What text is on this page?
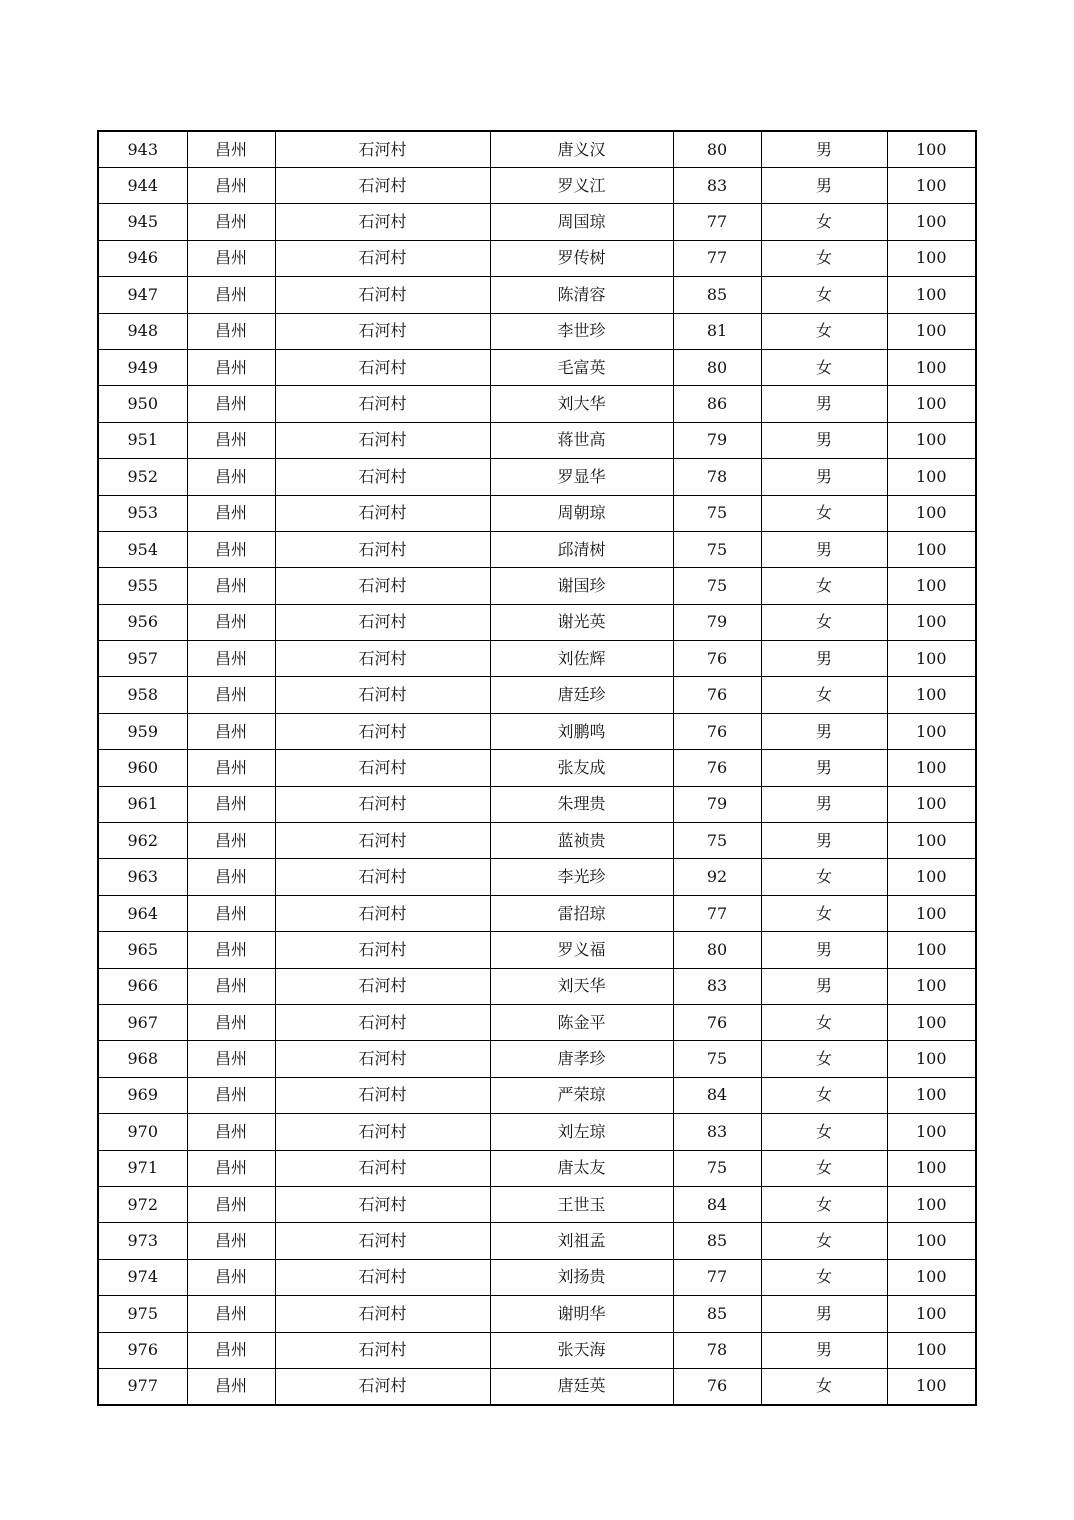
943	昌州	石河村	唐义汉	80	男	100
944	昌州	石河村	罗义江	83	男	100
945	昌州	石河村	周国琼	77	女	100
946	昌州	石河村	罗传树	77	女	100
947	昌州	石河村	陈清容	85	女	100
948	昌州	石河村	李世珍	81	女	100
949	昌州	石河村	毛富英	80	女	100
950	昌州	石河村	刘大华	86	男	100
951	昌州	石河村	蒋世高	79	男	100
952	昌州	石河村	罗显华	78	男	100
953	昌州	石河村	周朝琼	75	女	100
954	昌州	石河村	邱清树	75	男	100
955	昌州	石河村	谢国珍	75	女	100
956	昌州	石河村	谢光英	79	女	100
957	昌州	石河村	刘佐辉	76	男	100
958	昌州	石河村	唐廷珍	76	女	100
959	昌州	石河村	刘鹏鸣	76	男	100
960	昌州	石河村	张友成	76	男	100
961	昌州	石河村	朱理贵	79	男	100
962	昌州	石河村	蓝祯贵	75	男	100
963	昌州	石河村	李光珍	92	女	100
964	昌州	石河村	雷招琼	77	女	100
965	昌州	石河村	罗义福	80	男	100
966	昌州	石河村	刘天华	83	男	100
967	昌州	石河村	陈金平	76	女	100
968	昌州	石河村	唐孝珍	75	女	100
969	昌州	石河村	严荣琼	84	女	100
970	昌州	石河村	刘左琼	83	女	100
971	昌州	石河村	唐太友	75	女	100
972	昌州	石河村	王世玉	84	女	100
973	昌州	石河村	刘祖孟	85	女	100
974	昌州	石河村	刘扬贵	77	女	100
975	昌州	石河村	谢明华	85	男	100
976	昌州	石河村	张天海	78	男	100
977	昌州	石河村	唐廷英	76	女	100
